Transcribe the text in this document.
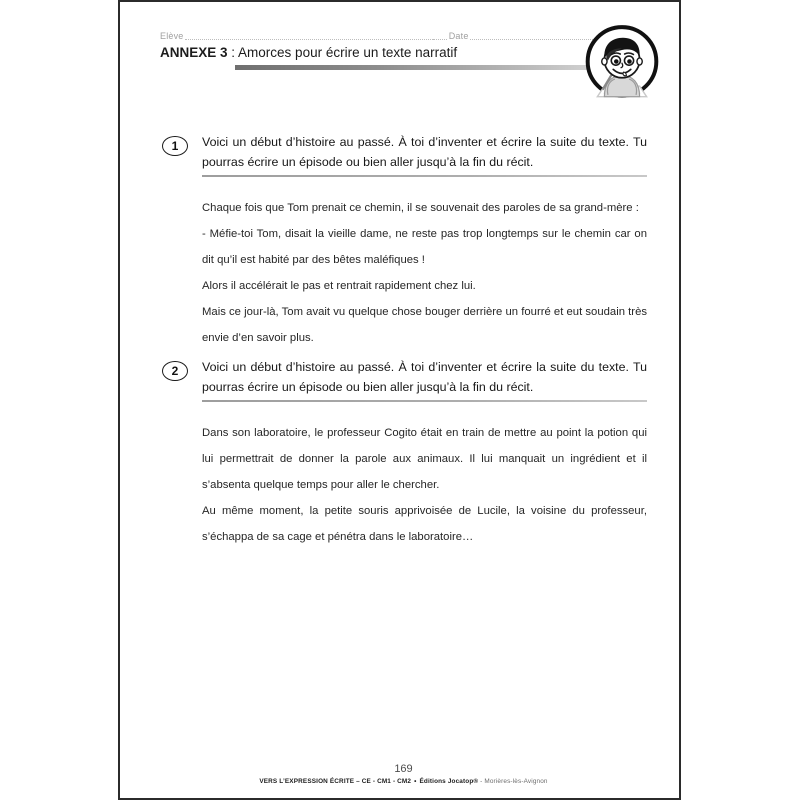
Elève	Date
ANNEXE 3 : Amorces pour écrire un texte narratif
1	Voici un début d’histoire au passé. À toi d’inventer et écrire la suite du texte. Tu pourras écrire un épisode ou bien aller jusqu’à la fin du récit.

Chaque fois que Tom prenait ce chemin, il se souvenait des paroles de sa grand-mère :

- Méfie-toi Tom, disait la vieille dame, ne reste pas trop longtemps sur le chemin car on dit qu’il est habité par des bêtes maléfiques !

Alors il accélérait le pas et rentrait rapidement chez lui.

Mais ce jour-là, Tom avait vu quelque chose bouger derrière un fourré et eut soudain très envie d’en savoir plus.

2	Voici un début d’histoire au passé. À toi d’inventer et écrire la suite du texte. Tu pourras écrire un épisode ou bien aller jusqu’à la fin du récit.

Dans son laboratoire, le professeur Cogito était en train de mettre au point la potion qui lui permettrait de donner la parole aux animaux. Il lui manquait un ingrédient et il s’absenta quelque temps pour aller le chercher.

Au même moment, la petite souris apprivoisée de Lucile, la voisine du professeur, s’échappa de sa cage et pénétra dans le laboratoire…

169
VERS L’EXPRESSION ÉCRITE – CE - CM1 - CM2 • Éditions Jocatop® - Morières-lès-Avignon
